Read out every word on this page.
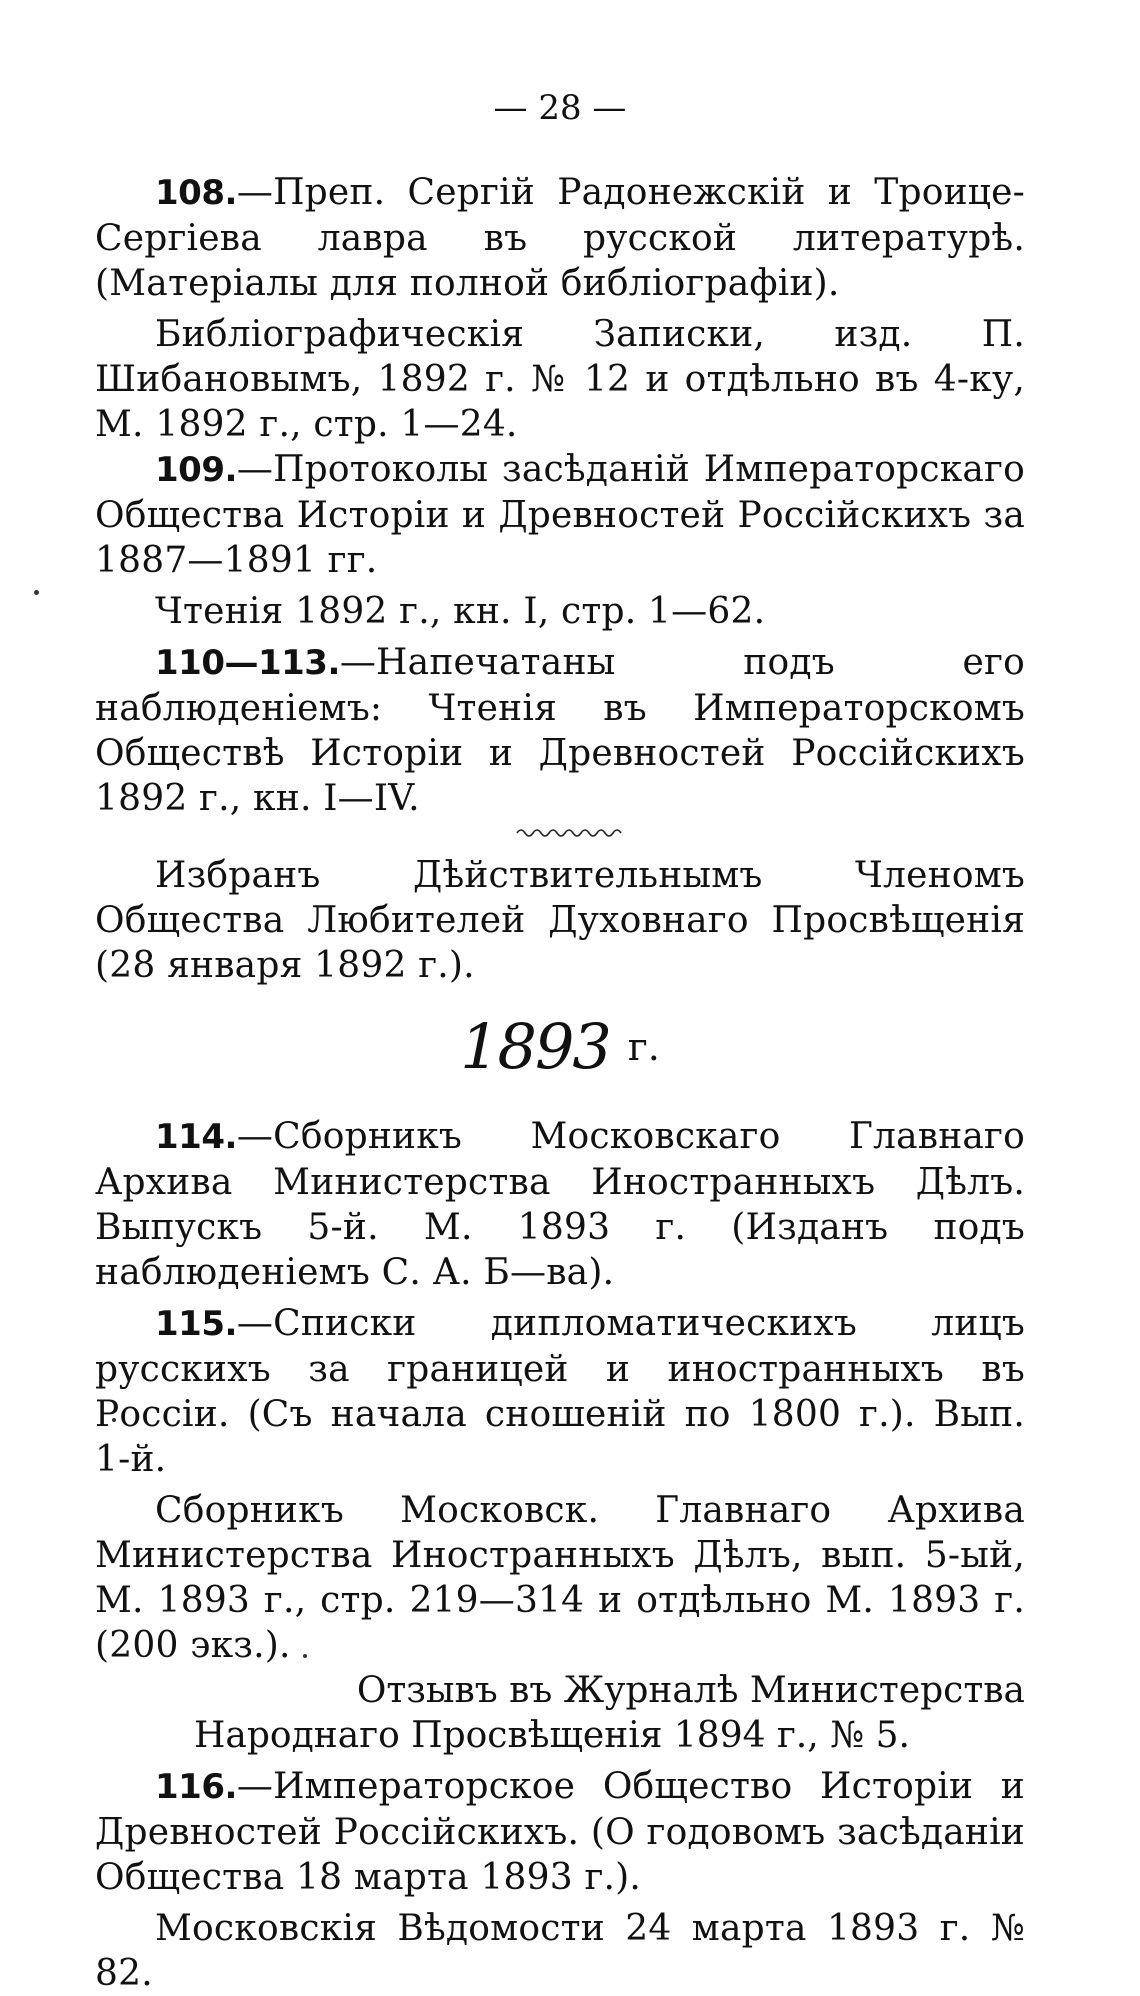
— 28 —

108.—Преп. Сергій Радонежскій и Троице-Сергіева лавра въ русской литературѣ. (Матеріалы для полной библіографіи).

Библіографическія Записки, изд. П. Шибановымъ, 1892 г. № 12 и отдѣльно въ 4-ку, М. 1892 г., стр. 1—24.

109.—Протоколы засѣданій Императорскаго Общества Исторіи и Древностей Россійскихъ за 1887—1891 гг.

Чтенія 1892 г., кн. I, стр. 1—62.

110—113.—Напечатаны подъ его наблюденіемъ: Чтенія въ Императорскомъ Обществѣ Исторіи и Древностей Россійскихъ 1892 г., кн. I—IV.

Избранъ Дѣйствительнымъ Членомъ Общества Любителей Духовнаго Просвѣщенія (28 января 1892 г.).

1893 г.

114.—Сборникъ Московскаго Главнаго Архива Министерства Иностранныхъ Дѣлъ. Выпускъ 5-й. М. 1893 г. (Изданъ подъ наблюденіемъ С. А. Б—ва).

115.—Списки дипломатическихъ лицъ русскихъ за границей и иностранныхъ въ Россіи. (Съ начала сношеній по 1800 г.). Вып. 1-й.

Сборникъ Московск. Главнаго Архива Министерства Иностранныхъ Дѣлъ, вып. 5-ый, М. 1893 г., стр. 219—314 и отдѣльно М. 1893 г. (200 экз.).

Отзывъ въ Журналѣ Министерства
Народнаго Просвѣщенія 1894 г., № 5.

116.—Императорское Общество Исторіи и Древностей Россійскихъ. (О годовомъ засѣданіи Общества 18 марта 1893 г.).

Московскія Вѣдомости 24 марта 1893 г. № 82.
